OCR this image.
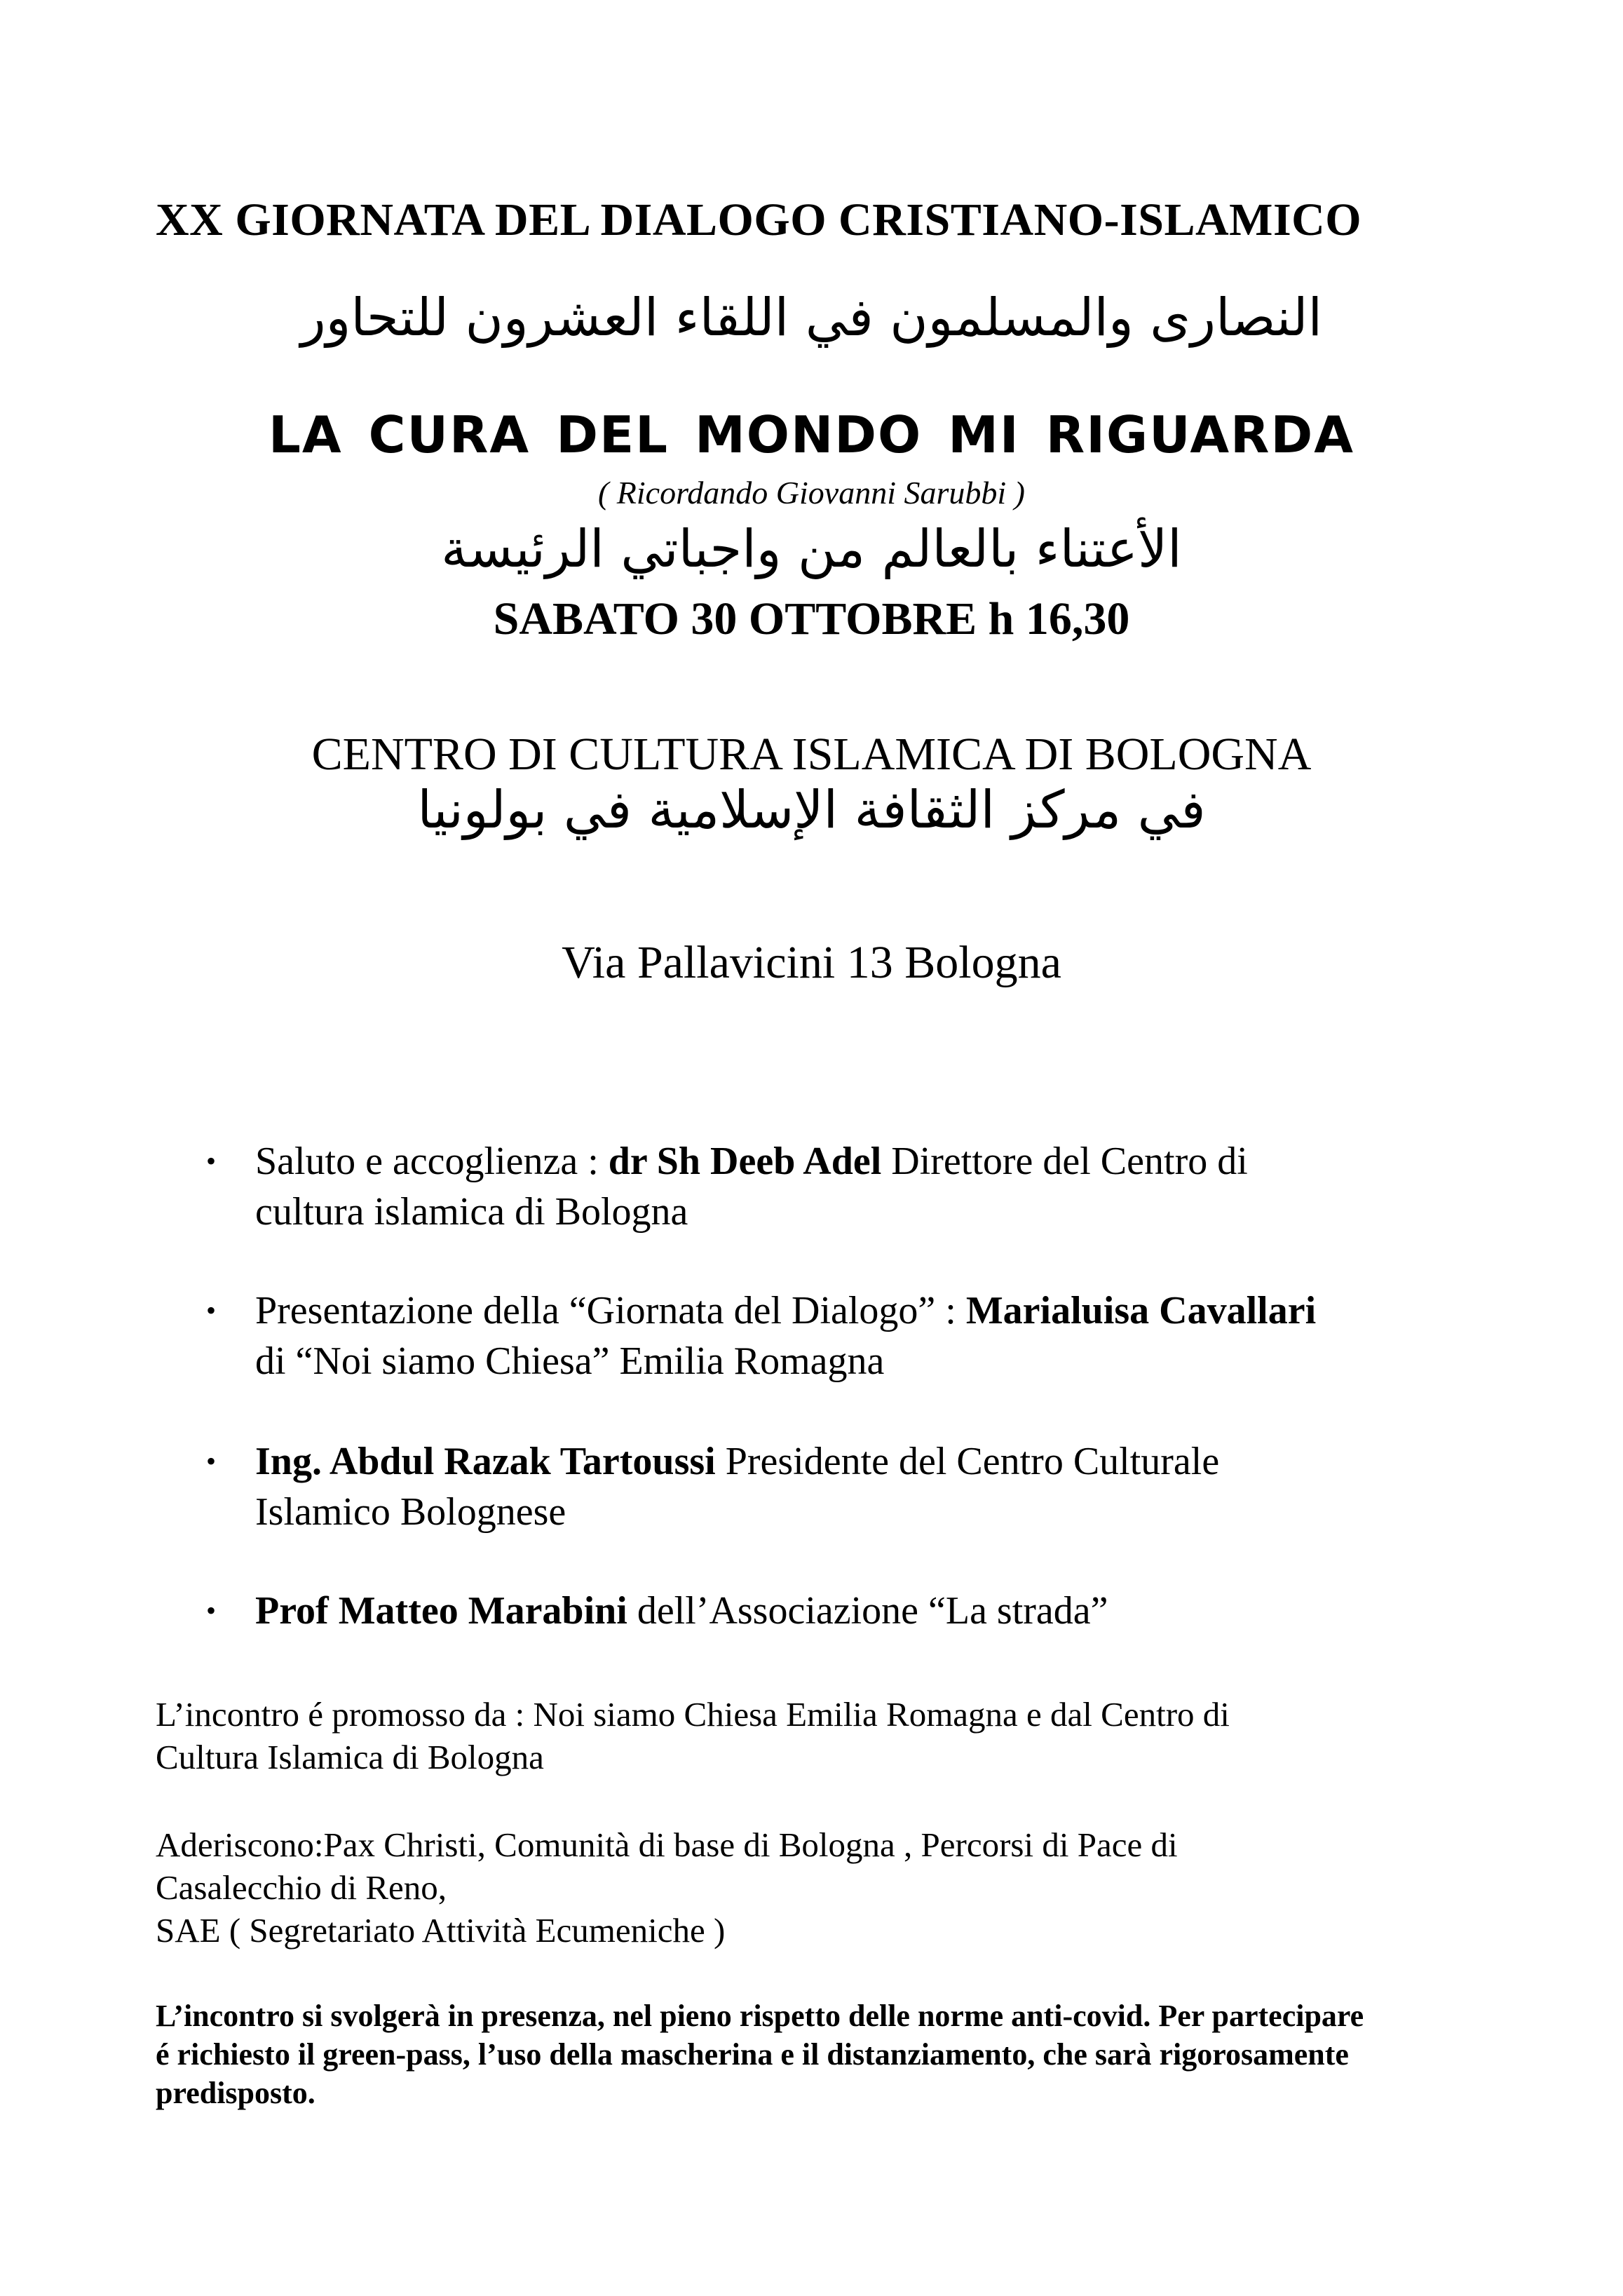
XX GIORNATA DEL DIALOGO CRISTIANO-ISLAMICO
النصارى والمسلمون في اللقاء العشرون للتحاور
LA CURA DEL MONDO MI RIGUARDA
( Ricordando Giovanni Sarubbi )
الأعتناء بالعالم من واجباتي الرئيسة
SABATO 30 OTTOBRE h 16,30
CENTRO DI CULTURA ISLAMICA DI BOLOGNA
في مركز الثقافة الإسلامية في بولونيا
Via Pallavicini 13 Bologna
• Saluto e accoglienza : dr Sh Deeb Adel Direttore del Centro di
cultura islamica di Bologna
• Presentazione della “Giornata del Dialogo” : Marialuisa Cavallari
di “Noi siamo Chiesa” Emilia Romagna
• Ing. Abdul Razak Tartoussi Presidente del Centro Culturale
Islamico Bolognese
• Prof Matteo Marabini dell’Associazione “La strada”
L’incontro é promosso da : Noi siamo Chiesa Emilia Romagna e dal Centro di
Cultura Islamica di Bologna
Aderiscono:Pax Christi, Comunità di base di Bologna , Percorsi di Pace di
Casalecchio di Reno,
SAE ( Segretariato Attività Ecumeniche )
L’incontro si svolgerà in presenza, nel pieno rispetto delle norme anti-covid. Per partecipare
é richiesto il green-pass, l’uso della mascherina e il distanziamento, che sarà rigorosamente
predisposto.
